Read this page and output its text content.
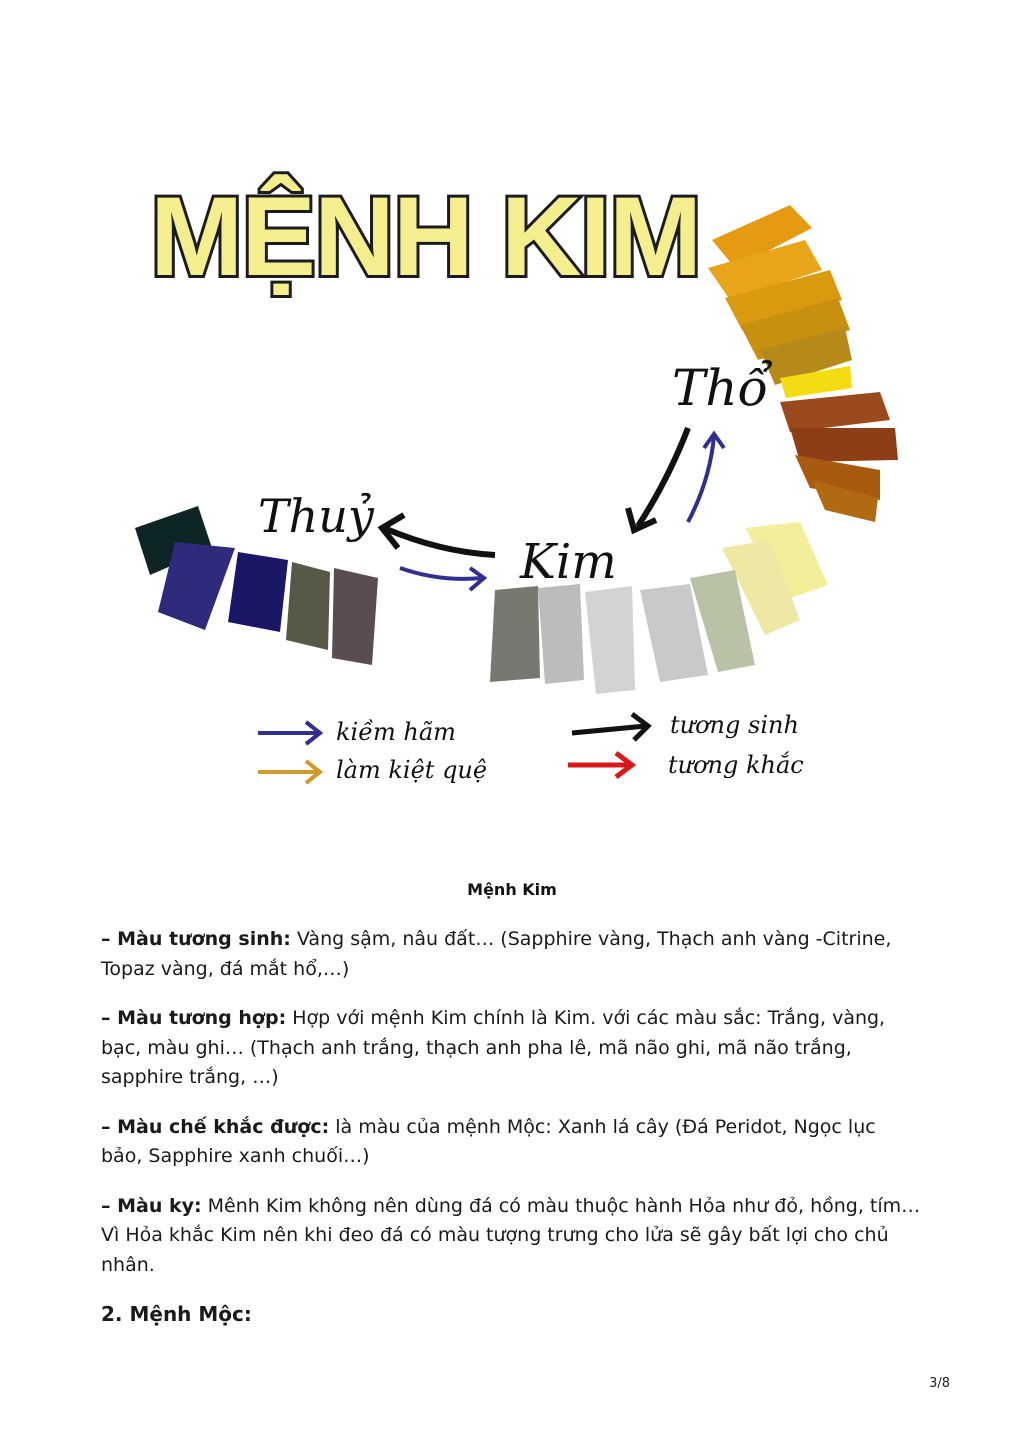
MỆNH KIM
Thổ
Kim
Thuỷ
kiềm hãm
làm kiệt quệ
tương sinh
tương khắc
Mệnh Kim

– Màu tương sinh: Vàng sậm, nâu đất… (Sapphire vàng, Thạch anh vàng -Citrine, Topaz vàng, đá mắt hổ,…)

– Màu tương hợp: Hợp với mệnh Kim chính là Kim. với các màu sắc: Trắng, vàng, bạc, màu ghi… (Thạch anh trắng, thạch anh pha lê, mã não ghi, mã não trắng, sapphire trắng, …)

– Màu chế khắc được: là màu của mệnh Mộc: Xanh lá cây (Đá Peridot, Ngọc lục bảo, Sapphire xanh chuối…)

– Màu ky: Mênh Kim không nên dùng đá có màu thuộc hành Hỏa như đỏ, hồng, tím…Vì Hỏa khắc Kim nên khi đeo đá có màu tượng trưng cho lửa sẽ gây bất lợi cho chủ nhân.

2. Mệnh Mộc:
3/8
